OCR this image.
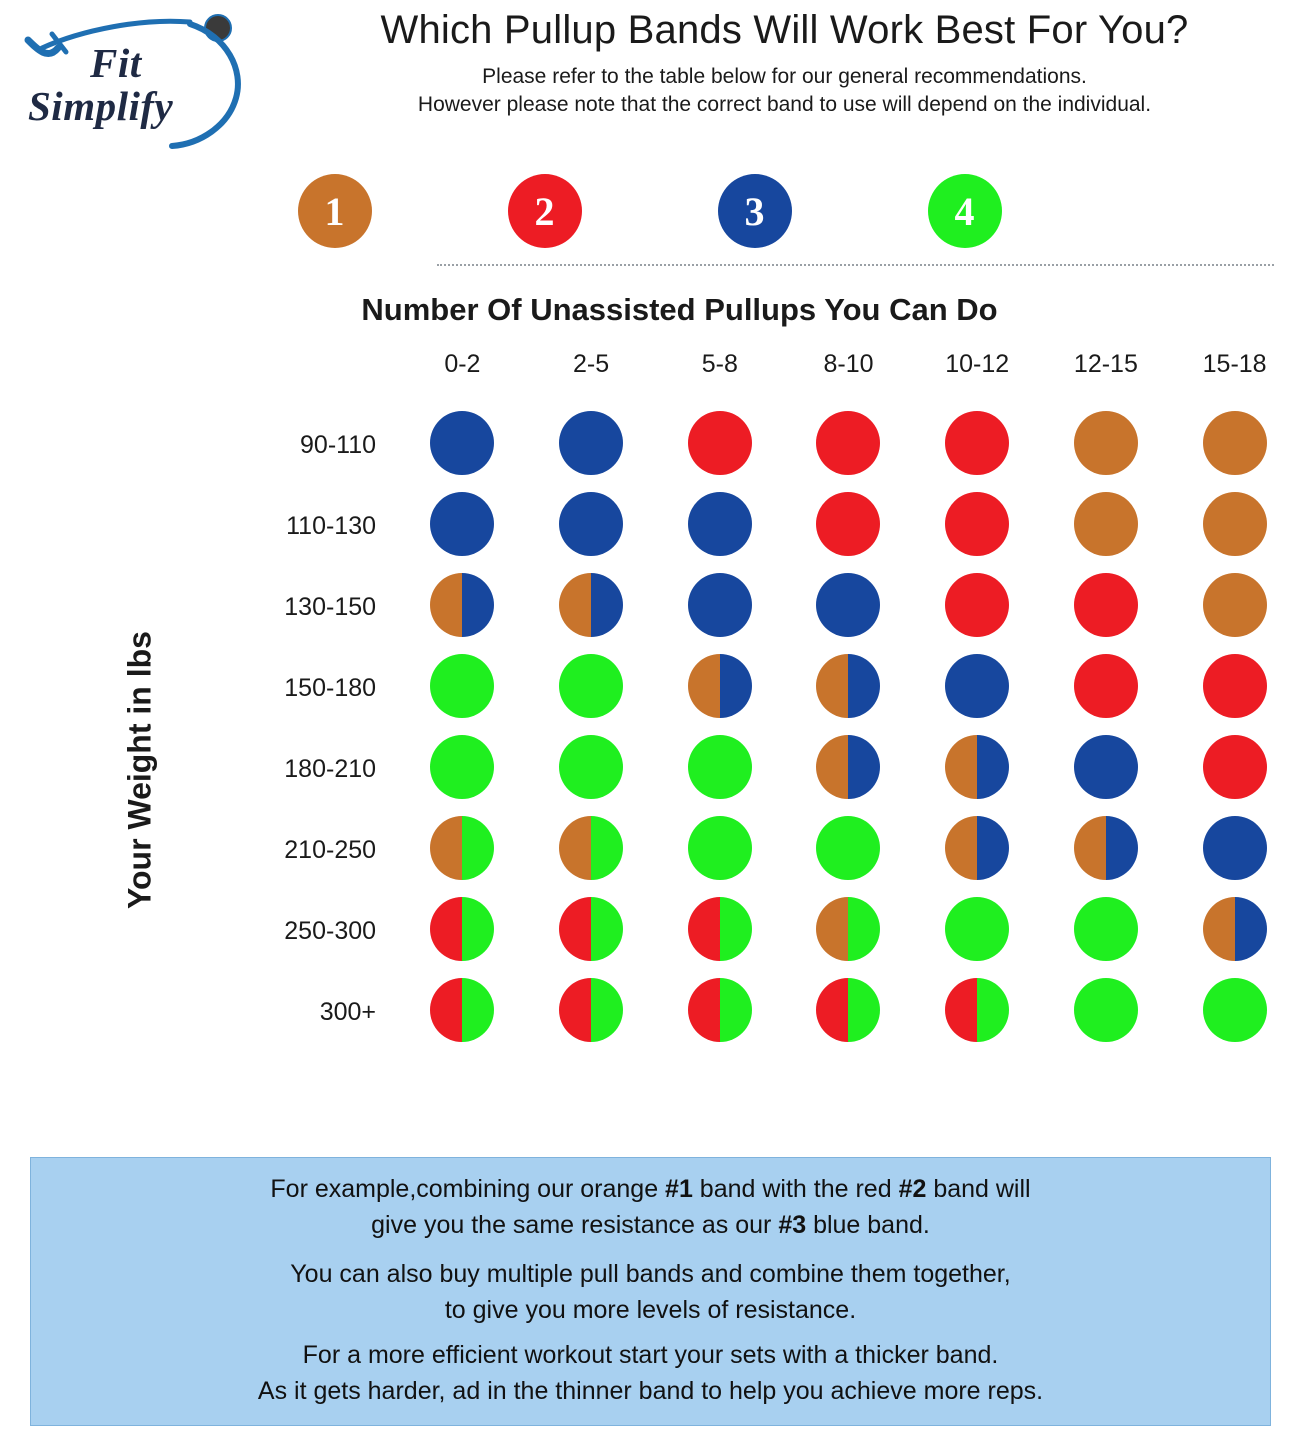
Fit
Simplify
Which Pullup Bands Will Work Best For You?
Please refer to the table below for our general recommendations.
However please note that the correct band to use will depend on the individual.
1	2	3	4
Number Of Unassisted Pullups You Can Do
Your Weight in lbs
	0-2	2-5	5-8	8-10	10-12	12-15	15-18
90-110							
110-130							
130-150							
150-180							
180-210							
210-250							
250-300							
300+							

For example,combining our orange #1 band with the red #2 band will

give you the same resistance as our #3 blue band.

You can also buy multiple pull bands and combine them together,

to give you more levels of resistance.

For a more efficient workout start your sets with a thicker band.

As it gets harder, ad in the thinner band to help you achieve more reps.
